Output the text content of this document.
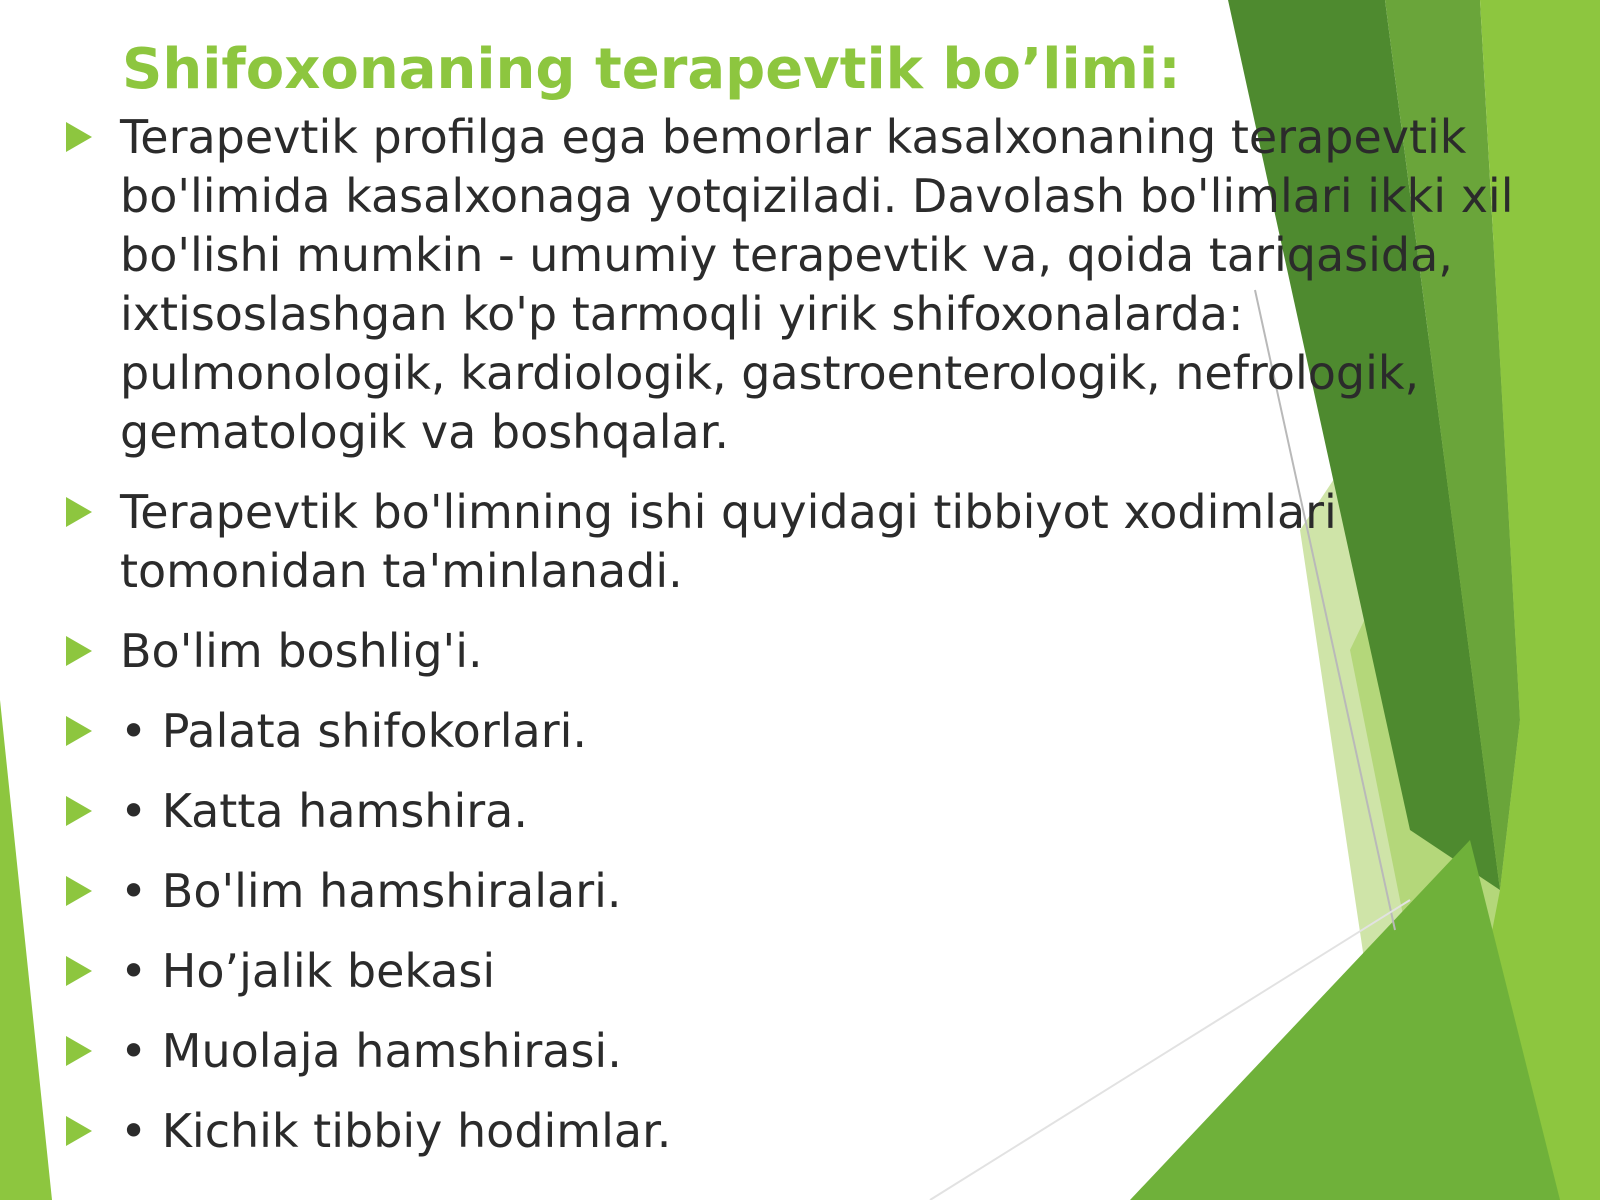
Shifoxonaning terapevtik bo’limi:
Terapevtik profilga ega bemorlar kasalxonaning terapevtik bo'limida kasalxonaga yotqiziladi. Davolash bo'limlari ikki xil bo'lishi mumkin - umumiy terapevtik va, qoida tariqasida, ixtisoslashgan ko'p tarmoqli yirik shifoxonalarda: pulmonologik, kardiologik, gastroenterologik, nefrologik, gematologik va boshqalar.
Terapevtik bo'limning ishi quyidagi tibbiyot xodimlari tomonidan ta'minlanadi.
Bo'lim boshlig'i.
• Palata shifokorlari.
• Katta hamshira.
• Bo'lim hamshiralari.
• Ho’jalik bekasi
• Muolaja hamshirasi.
• Kichik tibbiy hodimlar.
